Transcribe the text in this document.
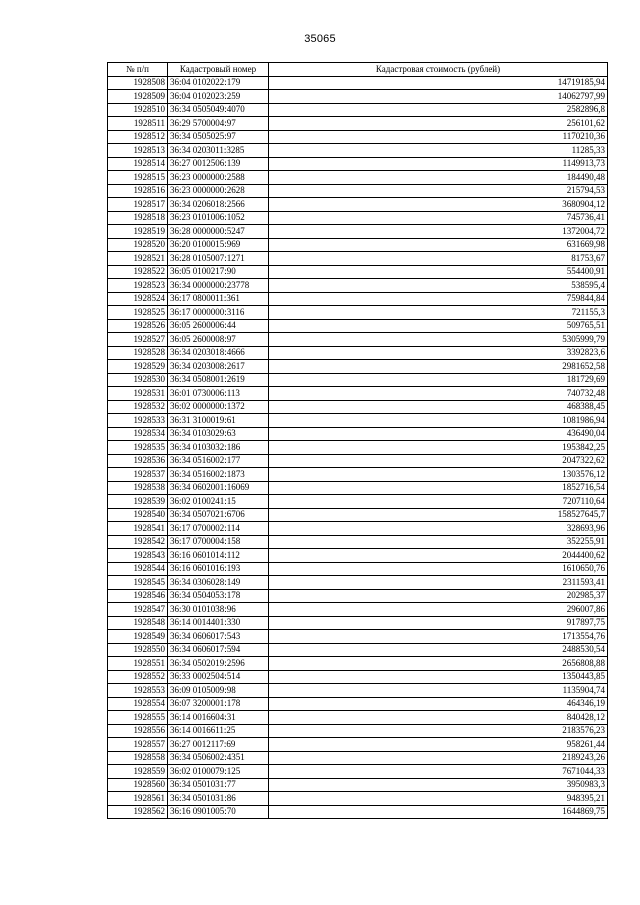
35065
№ п/п	Кадастровый номер	Кадастровая стоимость (рублей)
1928508	36:04 0102022:179	14719185,94
1928509	36:04 0102023:259	14062797,99
1928510	36:34 0505049:4070	2582896,8
1928511	36:29 5700004:97	256101,62
1928512	36:34 0505025:97	1170210,36
1928513	36:34 0203011:3285	11285,33
1928514	36:27 0012506:139	1149913,73
1928515	36:23 0000000:2588	184490,48
1928516	36:23 0000000:2628	215794,53
1928517	36:34 0206018:2566	3680904,12
1928518	36:23 0101006:1052	745736,41
1928519	36:28 0000000:5247	1372004,72
1928520	36:20 0100015:969	631669,98
1928521	36:28 0105007:1271	81753,67
1928522	36:05 0100217:90	554400,91
1928523	36:34 0000000:23778	538595,4
1928524	36:17 0800011:361	759844,84
1928525	36:17 0000000:3116	721155,3
1928526	36:05 2600006:44	509765,51
1928527	36:05 2600008:97	5305999,79
1928528	36:34 0203018:4666	3392823,6
1928529	36:34 0203008:2617	2981652,58
1928530	36:34 0508001:2619	181729,69
1928531	36:01 0730006:113	740732,48
1928532	36:02 0000000:1372	468388,45
1928533	36:31 3100019:61	1081986,94
1928534	36:34 0103029:63	436490,04
1928535	36:34 0103032:186	1953842,25
1928536	36:34 0516002:177	2047322,62
1928537	36:34 0516002:1873	1303576,12
1928538	36:34 0602001:16069	1852716,54
1928539	36:02 0100241:15	7207110,64
1928540	36:34 0507021:6706	158527645,7
1928541	36:17 0700002:114	328693,96
1928542	36:17 0700004:158	352255,91
1928543	36:16 0601014:112	2044400,62
1928544	36:16 0601016:193	1610650,76
1928545	36:34 0306028:149	2311593,41
1928546	36:34 0504053:178	202985,37
1928547	36:30 0101038:96	296007,86
1928548	36:14 0014401:330	917897,75
1928549	36:34 0606017:543	1713554,76
1928550	36:34 0606017:594	2488530,54
1928551	36:34 0502019:2596	2656808,88
1928552	36:33 0002504:514	1350443,85
1928553	36:09 0105009:98	1135904,74
1928554	36:07 3200001:178	464346,19
1928555	36:14 0016604:31	840428,12
1928556	36:14 0016611:25	2183576,23
1928557	36:27 0012117:69	958261,44
1928558	36:34 0506002:4351	2189243,26
1928559	36:02 0100079:125	7671044,33
1928560	36:34 0501031:77	3950983,3
1928561	36:34 0501031:86	948395,21
1928562	36:16 0901005:70	1644869,75
